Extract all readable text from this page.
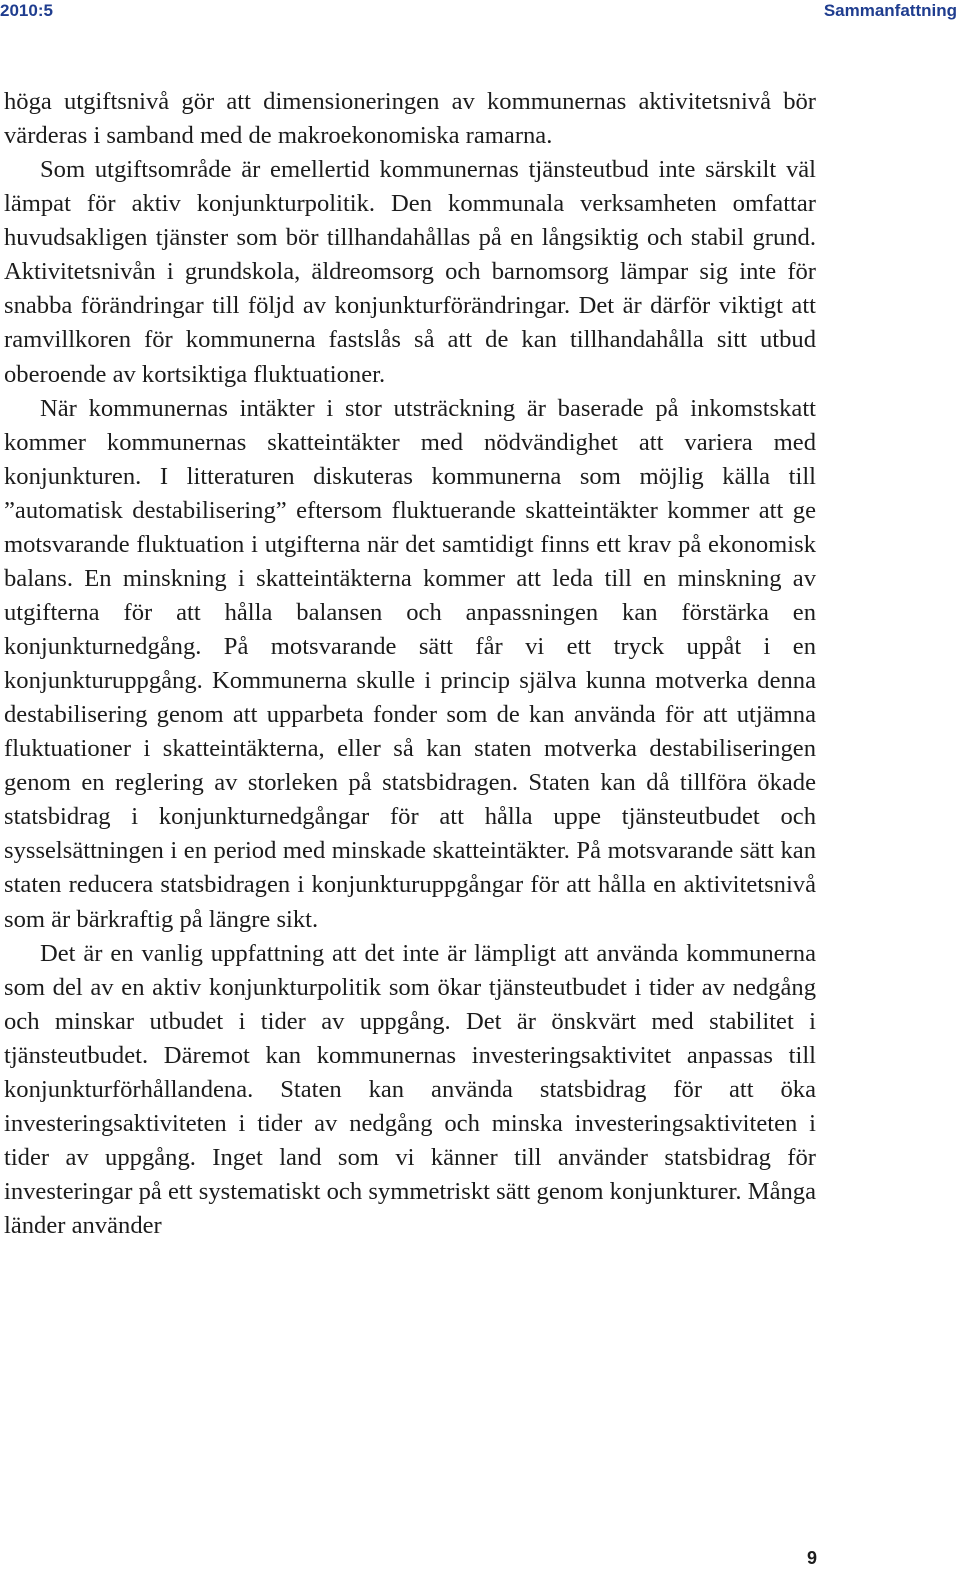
2010:5	Sammanfattning

höga utgiftsnivå gör att dimensioneringen av kommunernas aktivitetsnivå bör värderas i samband med de makroekonomiska ramarna.

Som utgiftsområde är emellertid kommunernas tjänsteutbud inte särskilt väl lämpat för aktiv konjunkturpolitik. Den kommunala verksamheten omfattar huvudsakligen tjänster som bör tillhandahållas på en långsiktig och stabil grund. Aktivitetsnivån i grundskola, äldreomsorg och barnomsorg lämpar sig inte för snabba förändringar till följd av konjunkturförändringar. Det är därför viktigt att ramvillkoren för kommunerna fastslås så att de kan tillhandahålla sitt utbud oberoende av kortsiktiga fluktuationer.

När kommunernas intäkter i stor utsträckning är baserade på inkomstskatt kommer kommunernas skatteintäkter med nödvändighet att variera med konjunkturen. I litteraturen diskuteras kommunerna som möjlig källa till ”automatisk destabilisering” eftersom fluktuerande skatteintäkter kommer att ge motsvarande fluktuation i utgifterna när det samtidigt finns ett krav på ekonomisk balans. En minskning i skatteintäkterna kommer att leda till en minskning av utgifterna för att hålla balansen och anpassningen kan förstärka en konjunkturnedgång. På motsvarande sätt får vi ett tryck uppåt i en konjunkturuppgång. Kommunerna skulle i princip själva kunna motverka denna destabilisering genom att upparbeta fonder som de kan använda för att utjämna fluktuationer i skatteintäkterna, eller så kan staten motverka destabiliseringen genom en reglering av storleken på statsbidragen. Staten kan då tillföra ökade statsbidrag i konjunkturnedgångar för att hålla uppe tjänsteutbudet och sysselsättningen i en period med minskade skatteintäkter. På motsvarande sätt kan staten reducera statsbidragen i konjunkturuppgångar för att hålla en aktivitetsnivå som är bärkraftig på längre sikt.

Det är en vanlig uppfattning att det inte är lämpligt att använda kommunerna som del av en aktiv konjunkturpolitik som ökar tjänsteutbudet i tider av nedgång och minskar utbudet i tider av uppgång. Det är önskvärt med stabilitet i tjänsteutbudet. Däremot kan kommunernas investeringsaktivitet anpassas till konjunkturförhållandena. Staten kan använda statsbidrag för att öka investeringsaktiviteten i tider av nedgång och minska investeringsaktiviteten i tider av uppgång. Inget land som vi känner till använder statsbidrag för investeringar på ett systematiskt och symmetriskt sätt genom konjunkturer. Många länder använder

9
